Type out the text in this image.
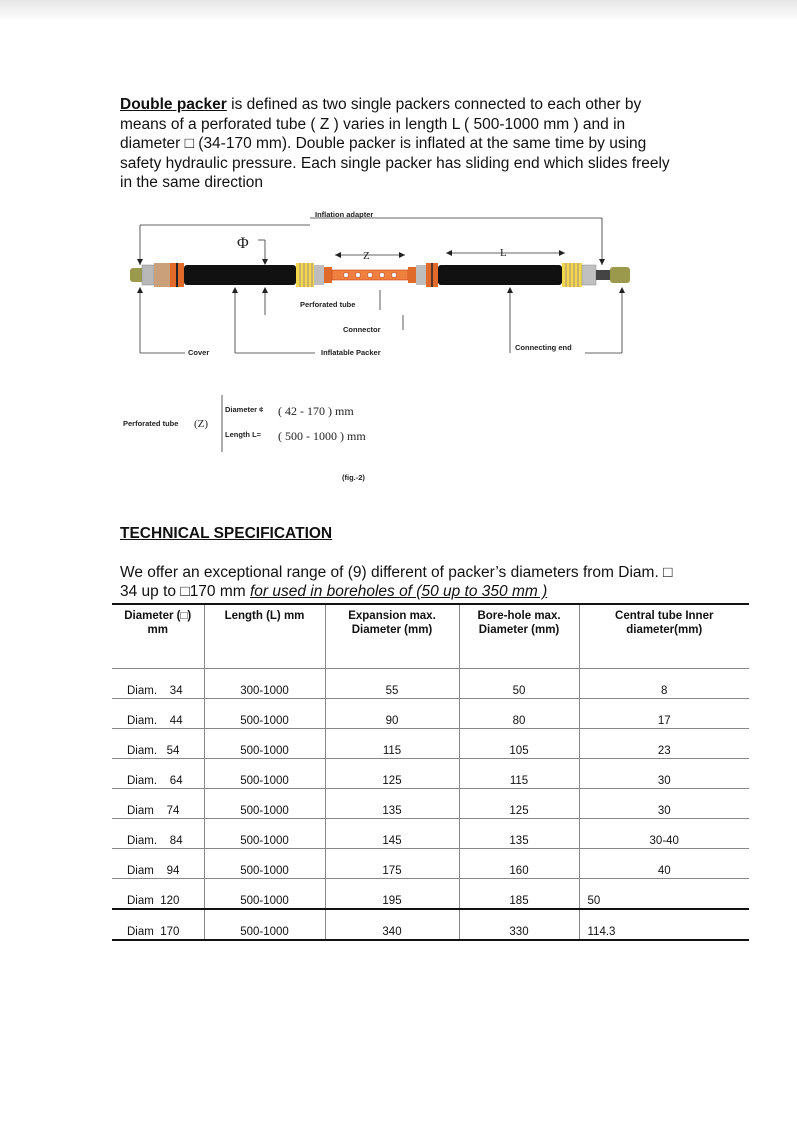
Double packer is defined as two single packers connected to each other by means of a perforated tube ( Z ) varies in length L ( 500-1000 mm ) and in diameter □ (34-170 mm). Double packer is inflated at the same time by using safety hydraulic pressure. Each single packer has sliding end which slides freely in the same direction

Inflation adapter
Φ
Z	L
Perforated tube
Connector
Cover	Inflatable Packer
Connecting end
Perforated tube (Z)
Diameter ¢ ( 42 - 170 ) mm
Length L= ( 500 - 1000 ) mm
(fig.-2)
TECHNICAL SPECIFICATION

We offer an exceptional range of (9) different of packer’s diameters from Diam. □ 34 up to □170 mm for used in boreholes of (50 up to 350 mm )

Diameter (□) mm	Length (L) mm	Expansion max. Diameter (mm)	Bore-hole max. Diameter (mm)	Central tube Inner diameter(mm)
Diam.    34	300-1000	55	50	8
Diam.    44	500-1000	90	80	17
Diam.   54	500-1000	115	105	23
Diam.    64	500-1000	125	115	30
Diam    74	500-1000	135	125	30
Diam.    84	500-1000	145	135	30-40
Diam    94	500-1000	175	160	40
Diam  120	500-1000	195	185	50
Diam  170	500-1000	340	330	114.3
